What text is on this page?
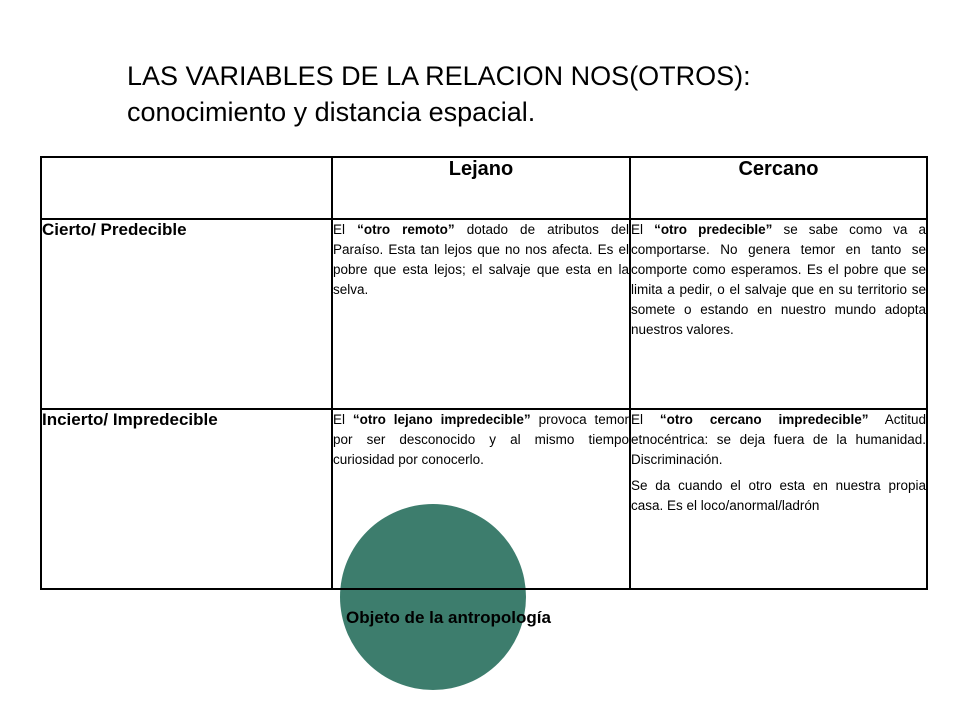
LAS VARIABLES DE LA RELACION NOS(OTROS):
conocimiento y distancia espacial.
	Lejano	Cercano
Cierto/ Predecible	El “otro remoto” dotado de atributos del Paraíso. Esta tan lejos que no nos afecta. Es el pobre que esta lejos; el salvaje que esta en la selva.	El “otro predecible” se sabe como va a comportarse. No genera temor en tanto se comporte como esperamos. Es el pobre que se limita a pedir, o el salvaje que en su territorio se somete o estando en nuestro mundo adopta nuestros valores.

Incierto/ Impredecible	El “otro lejano impredecible” provoca temor por ser desconocido y al mismo tiempo curiosidad por conocerlo.	El “otro cercano impredecible” Actitud etnocéntrica: se deja fuera de la humanidad. Discriminación.

Se da cuando el otro esta en nuestra propia casa. Es el loco/anormal/ladrón

Objeto de la antropología
